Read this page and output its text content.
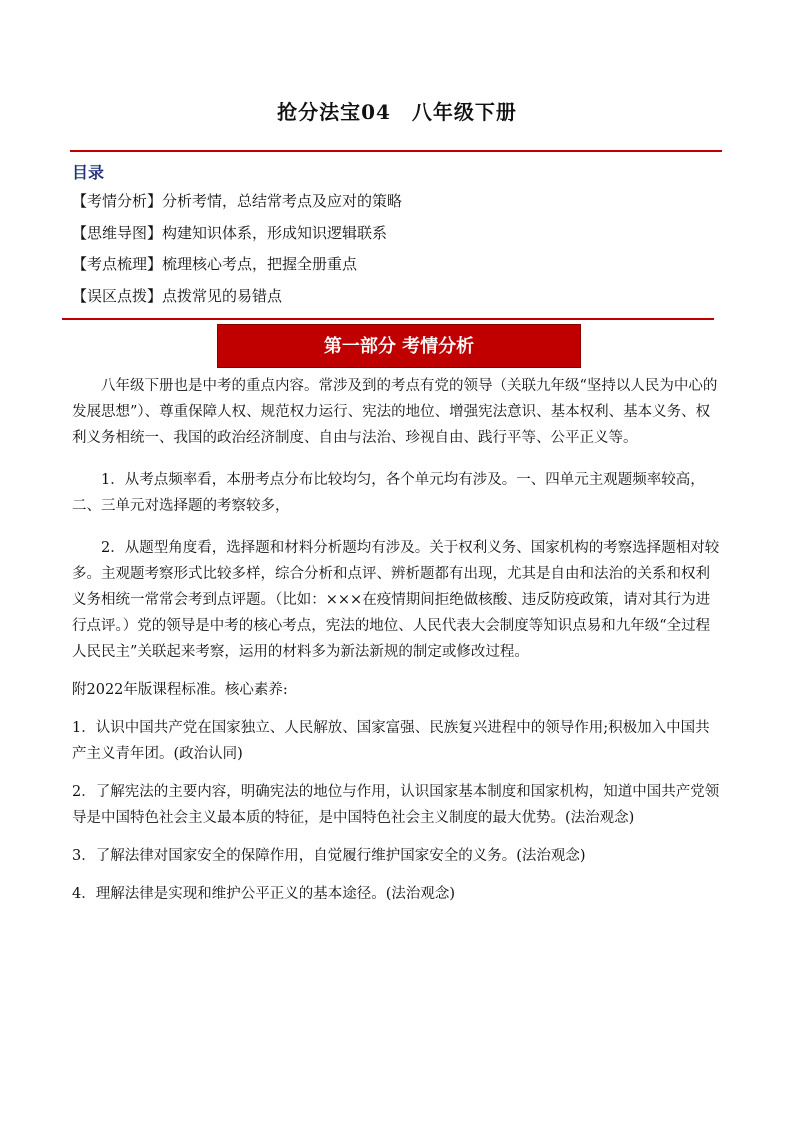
抢分法宝04　八年级下册
目录
【考情分析】分析考情，总结常考点及应对的策略
【思维导图】构建知识体系，形成知识逻辑联系
【考点梳理】梳理核心考点，把握全册重点
【误区点拨】点拨常见的易错点
第一部分 考情分析

八年级下册也是中考的重点内容。常涉及到的考点有党的领导（关联九年级“坚持以人民为中心的发展思想”）、尊重保障人权、规范权力运行、宪法的地位、增强宪法意识、基本权利、基本义务、权利义务相统一、我国的政治经济制度、自由与法治、珍视自由、践行平等、公平正义等。

1．从考点频率看，本册考点分布比较均匀，各个单元均有涉及。一、四单元主观题频率较高，二、三单元对选择题的考察较多，

2．从题型角度看，选择题和材料分析题均有涉及。关于权利义务、国家机构的考察选择题相对较多。主观题考察形式比较多样，综合分析和点评、辨析题都有出现，尤其是自由和法治的关系和权利义务相统一常常会考到点评题。（比如：×××在疫情期间拒绝做核酸、违反防疫政策，请对其行为进行点评。）党的领导是中考的核心考点，宪法的地位、人民代表大会制度等知识点易和九年级“全过程人民民主”关联起来考察，运用的材料多为新法新规的制定或修改过程。

附2022年版课程标准。核心素养:

1．认识中国共产党在国家独立、人民解放、国家富强、民族复兴进程中的领导作用;积极加入中国共产主义青年团。(政治认同)

2．了解宪法的主要内容，明确宪法的地位与作用，认识国家基本制度和国家机构，知道中国共产党领导是中国特色社会主义最本质的特征，是中国特色社会主义制度的最大优势。(法治观念)

3．了解法律对国家安全的保障作用，自觉履行维护国家安全的义务。(法治观念)

4．理解法律是实现和维护公平正义的基本途径。(法治观念)
